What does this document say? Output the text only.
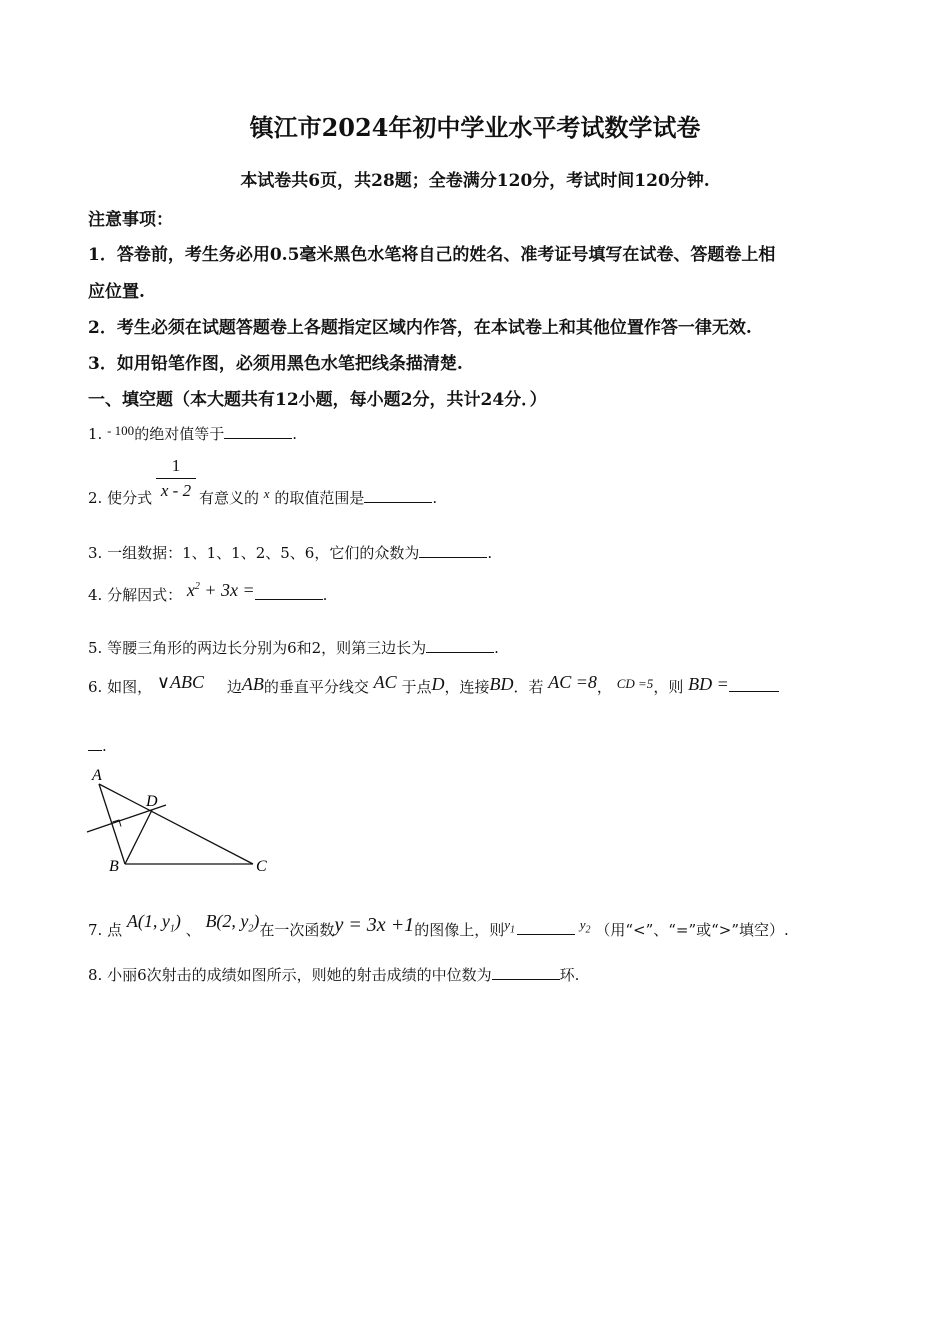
镇江市2024年初中学业水平考试数学试卷
本试卷共6页，共28题；全卷满分120分，考试时间120分钟.
注意事项：
1．答卷前，考生务必用0.5毫米黑色水笔将自己的姓名、准考证号填写在试卷、答题卷上相
应位置.
2．考生必须在试题答题卷上各题指定区域内作答，在本试卷上和其他位置作答一律无效.
3．如用铅笔作图，必须用黑色水笔把线条描清楚.
一、填空题（本大题共有12小题，每小题2分，共计24分．）
1. - 100的绝对值等于	.
2. 使分式
1
x - 2 有意义的 x 的取值范围是	.
3. 一组数据：1、1、1、2、5、6，它们的众数为	.
4. 分解因式： $x^2 + 3x$ =	.
5. 等腰三角形的两边长分别为6和2，则第三边长为	.
6. 如图， ∨ABC 边AB的垂直平分线交 AC 于点D，连接BD．若 AC =8， CD =5，则 BD =
.
A
D
B	C
7. 点 A(1, $y_1$) 、 B(2, $y_2$)在一次函数y = 3x +1的图像上，则$y_1$	$y_2$ （用“<”、“=”或“>”填空）.
8. 小丽6次射击的成绩如图所示，则她的射击成绩的中位数为	环.
